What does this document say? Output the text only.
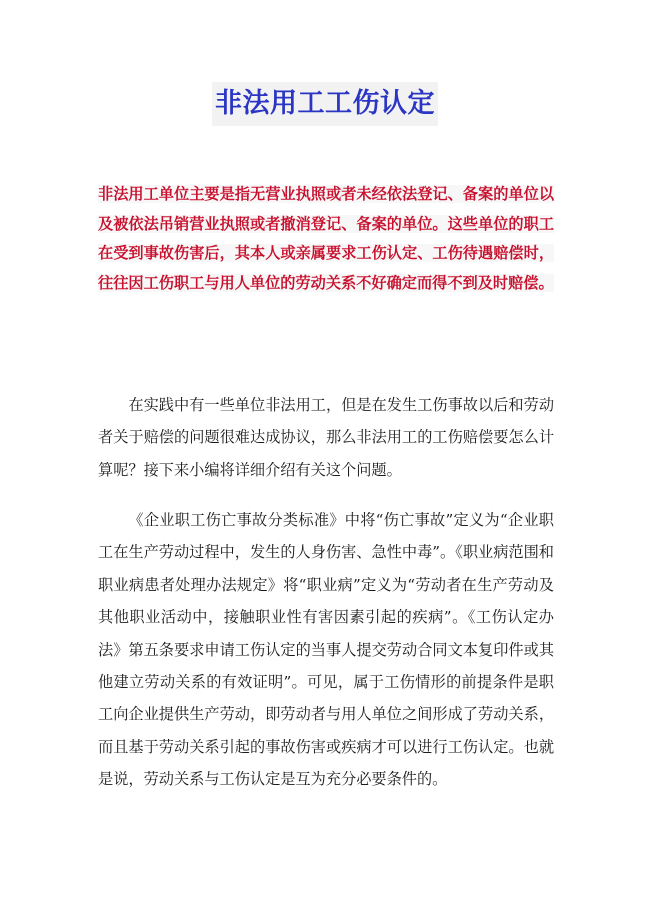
非法用工工伤认定

非法用工单位主要是指无营业执照或者未经依法登记、备案的单位以及被依法吊销营业执照或者撤消登记、备案的单位。这些单位的职工在受到事故伤害后，其本人或亲属要求工伤认定、工伤待遇赔偿时，往往因工伤职工与用人单位的劳动关系不好确定而得不到及时赔偿。

在实践中有一些单位非法用工，但是在发生工伤事故以后和劳动者关于赔偿的问题很难达成协议，那么非法用工的工伤赔偿要怎么计算呢？接下来小编将详细介绍有关这个问题。

《企业职工伤亡事故分类标准》中将“伤亡事故”定义为“企业职工在生产劳动过程中，发生的人身伤害、急性中毒”。《职业病范围和职业病患者处理办法规定》将“职业病”定义为“劳动者在生产劳动及其他职业活动中，接触职业性有害因素引起的疾病”。《工伤认定办法》第五条要求申请工伤认定的当事人提交劳动合同文本复印件或其他建立劳动关系的有效证明”。可见，属于工伤情形的前提条件是职工向企业提供生产劳动，即劳动者与用人单位之间形成了劳动关系，而且基于劳动关系引起的事故伤害或疾病才可以进行工伤认定。也就是说，劳动关系与工伤认定是互为充分必要条件的。
